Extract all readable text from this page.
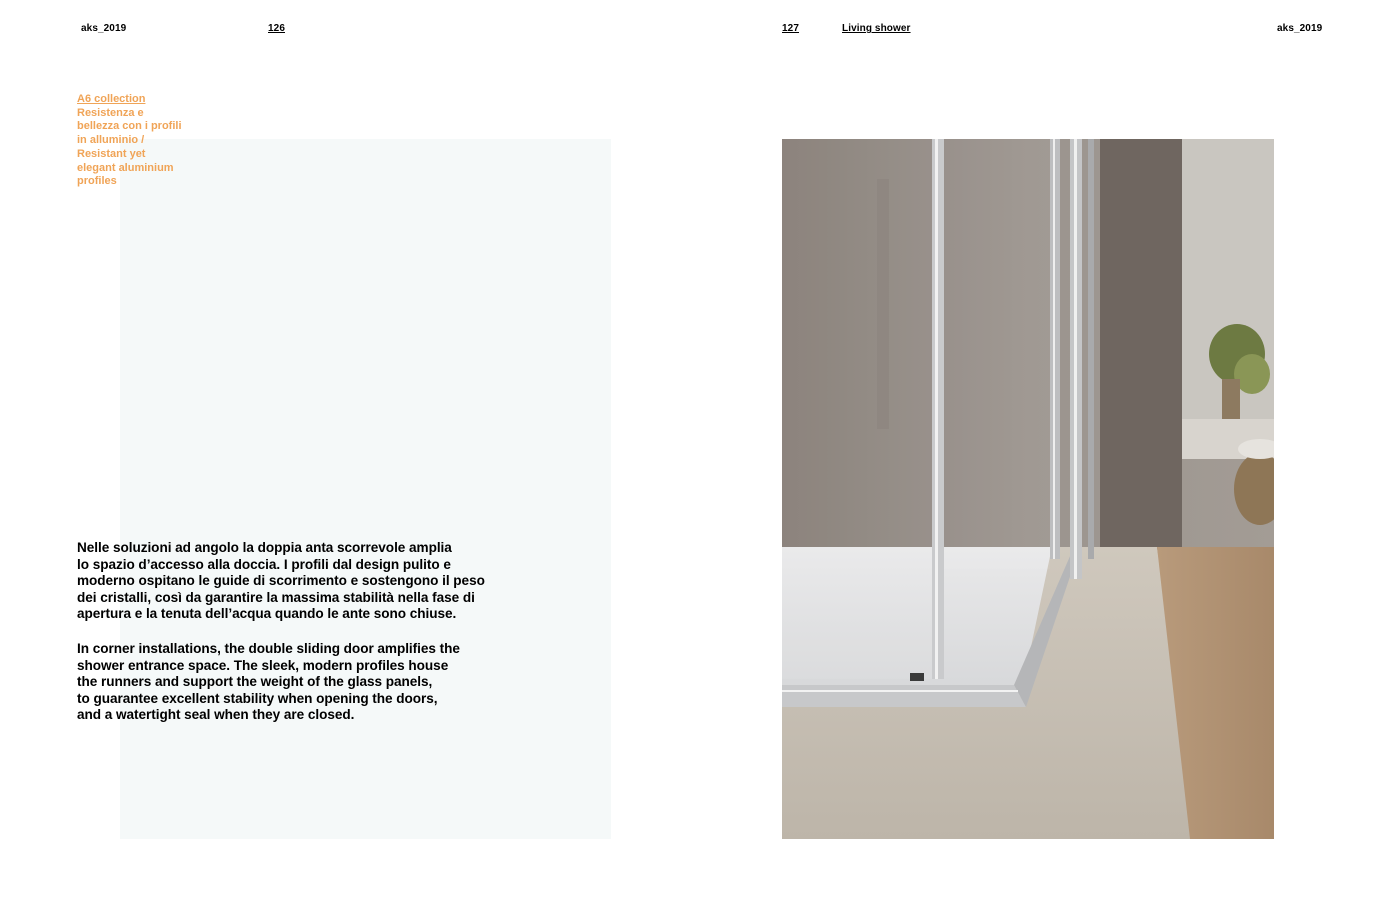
aks_2019	126	127	Living shower	aks_2019
A6 collection
Resistenza e bellezza con i profili in alluminio / Resistant yet elegant aluminium profiles
Nelle soluzioni ad angolo la doppia anta scorrevole amplia
lo spazio d’accesso alla doccia. I profili dal design pulito e
moderno ospitano le guide di scorrimento e sostengono il peso
dei cristalli, così da garantire la massima stabilità nella fase di
apertura e la tenuta dell’acqua quando le ante sono chiuse.
In corner installations, the double sliding door amplifies the
shower entrance space. The sleek, modern profiles house
the runners and support the weight of the glass panels,
to guarantee excellent stability when opening the doors,
and a watertight seal when they are closed.
